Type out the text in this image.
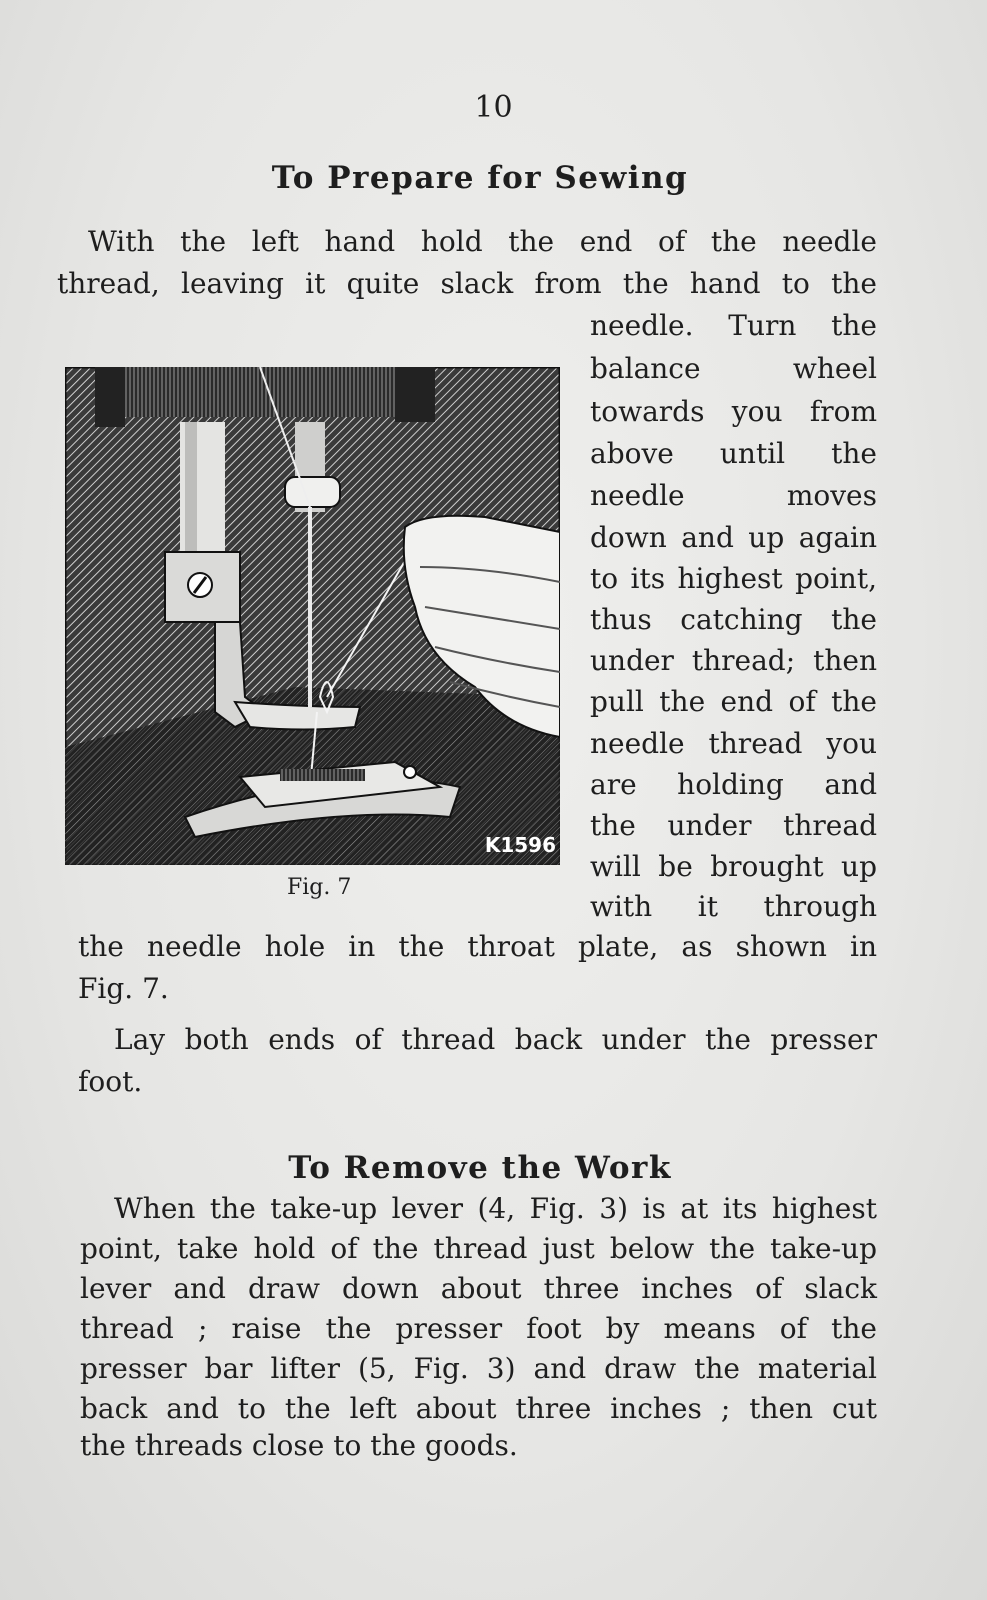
10
To Prepare for Sewing
With the left hand hold the end of the needle
thread, leaving it quite slack from the hand to the
needle. Turn the
balance wheel
towards you from
above until the
needle moves
down and up again
to its highest point,
thus catching the
under thread; then
pull the end of the
needle thread you
are holding and
the under thread
will be brought up
with it through
the needle hole in the throat plate, as shown in
Fig. 7.
Lay both ends of thread back under the presser
foot.
K1596
Fig. 7
To Remove the Work
When the take-up lever (4, Fig. 3) is at its highest
point, take hold of the thread just below the take-up
lever and draw down about three inches of slack
thread ; raise the presser foot by means of the
presser bar lifter (5, Fig. 3) and draw the material
back and to the left about three inches ; then cut
the threads close to the goods.
